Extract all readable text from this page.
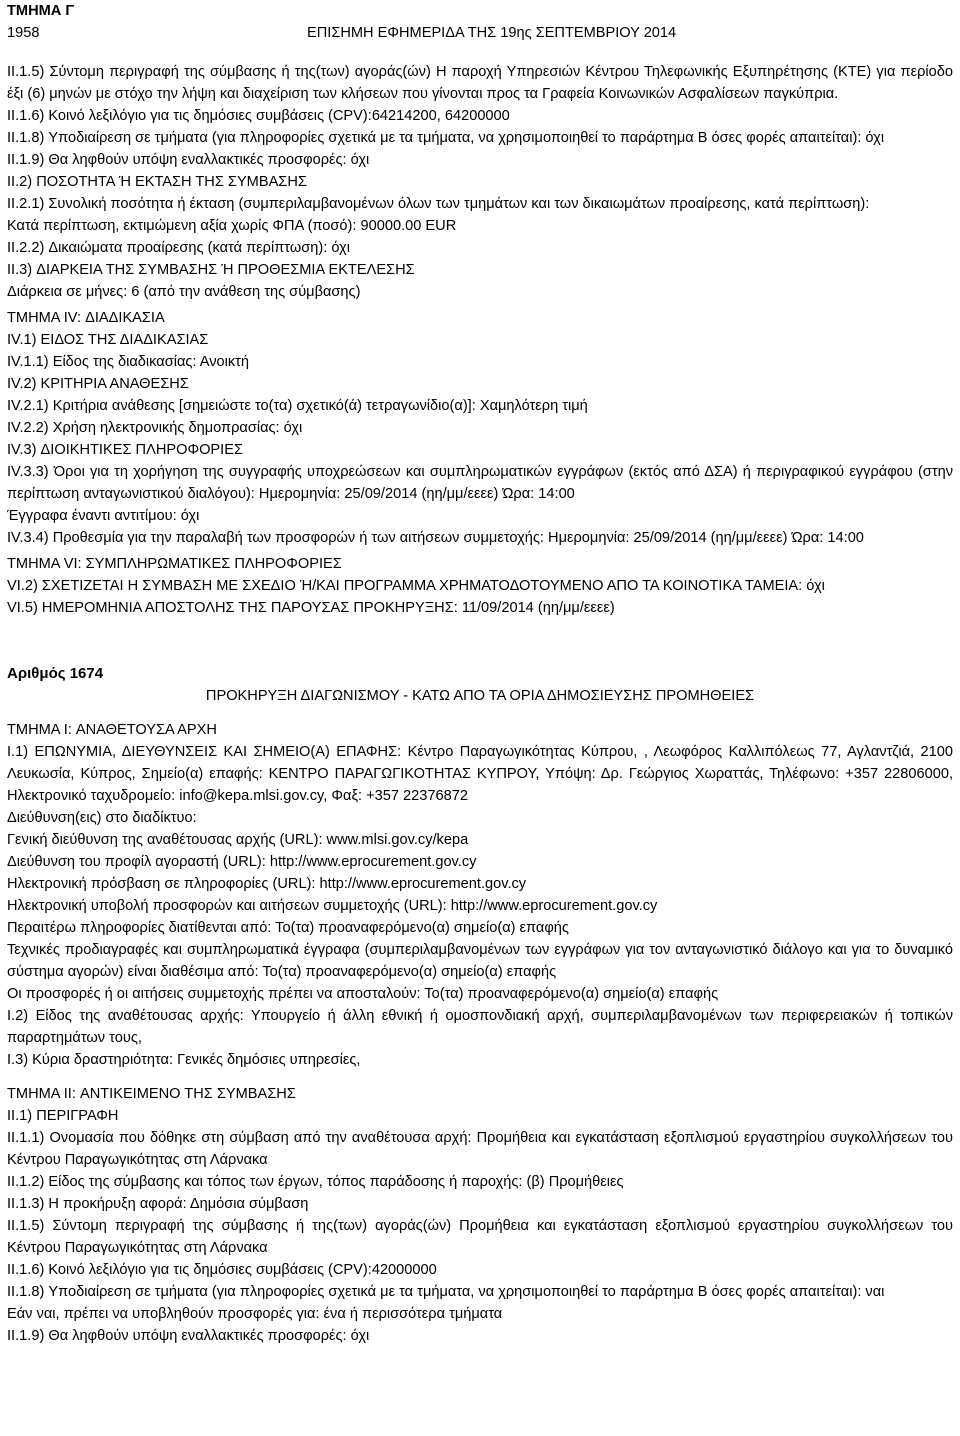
ΤΜΗΜΑ Γ
1958	ΕΠΙΣΗΜΗ ΕΦΗΜΕΡΙΔΑ ΤΗΣ 19ης ΣΕΠΤΕΜΒΡΙΟΥ 2014

II.1.5) Σύντομη περιγραφή της σύμβασης ή της(των) αγοράς(ών) Η παροχή Υπηρεσιών Κέντρου Τηλεφωνικής Εξυπηρέτησης (ΚΤΕ) για περίοδο έξι (6) μηνών με στόχο την λήψη και διαχείριση των κλήσεων που γίνονται προς τα Γραφεία Κοινωνικών Ασφαλίσεων παγκύπρια.

II.1.6) Κοινό λεξιλόγιο για τις δημόσιες συμβάσεις (CPV):64214200, 64200000

II.1.8) Υποδιαίρεση σε τμήματα (για πληροφορίες σχετικά με τα τμήματα, να χρησιμοποιηθεί το παράρτημα Β όσες φορές απαιτείται): όχι

II.1.9) Θα ληφθούν υπόψη εναλλακτικές προσφορές: όχι

II.2) ΠΟΣΟΤΗΤΑ Ή ΕΚΤΑΣΗ ΤΗΣ ΣΥΜΒΑΣΗΣ

II.2.1) Συνολική ποσότητα ή έκταση (συμπεριλαμβανομένων όλων των τμημάτων και των δικαιωμάτων προαίρεσης, κατά περίπτωση):

Κατά περίπτωση, εκτιμώμενη αξία χωρίς ΦΠΑ (ποσό): 90000.00 EUR

II.2.2) Δικαιώματα προαίρεσης (κατά περίπτωση): όχι

II.3) ΔΙΑΡΚΕΙΑ ΤΗΣ ΣΥΜΒΑΣΗΣ Ή ΠΡΟΘΕΣΜΙΑ ΕΚΤΕΛΕΣΗΣ

Διάρκεια σε μήνες: 6 (από την ανάθεση της σύμβασης)

ΤΜΗΜΑ IV: ΔΙΑΔΙΚΑΣΙΑ

IV.1) ΕΙΔΟΣ ΤΗΣ ΔΙΑΔΙΚΑΣΙΑΣ

IV.1.1) Είδος της διαδικασίας: Ανοικτή

IV.2) ΚΡΙΤΗΡΙΑ ΑΝΑΘΕΣΗΣ

IV.2.1) Κριτήρια ανάθεσης [σημειώστε το(τα) σχετικό(ά) τετραγωνίδιο(α)]: Χαμηλότερη τιμή

IV.2.2) Χρήση ηλεκτρονικής δημοπρασίας: όχι

IV.3) ΔΙΟΙΚΗΤΙΚΕΣ ΠΛΗΡΟΦΟΡΙΕΣ

IV.3.3) Όροι για τη χορήγηση της συγγραφής υποχρεώσεων και συμπληρωματικών εγγράφων (εκτός από ΔΣΑ) ή περιγραφικού εγγράφου (στην περίπτωση ανταγωνιστικού διαλόγου): Ημερομηνία: 25/09/2014 (ηη/μμ/εεεε) Ώρα: 14:00

Έγγραφα έναντι αντιτίμου: όχι

IV.3.4) Προθεσμία για την παραλαβή των προσφορών ή των αιτήσεων συμμετοχής: Ημερομηνία: 25/09/2014 (ηη/μμ/εεεε) Ώρα: 14:00

ΤΜΗΜΑ VI: ΣΥΜΠΛΗΡΩΜΑΤΙΚΕΣ ΠΛΗΡΟΦΟΡΙΕΣ

VI.2) ΣΧΕΤΙΖΕΤΑΙ Η ΣΥΜΒΑΣΗ ΜΕ ΣΧΕΔΙΟ Ή/ΚΑΙ ΠΡΟΓΡΑΜΜΑ ΧΡΗΜΑΤΟΔΟΤΟΥΜΕΝΟ ΑΠΟ ΤΑ ΚΟΙΝΟΤΙΚΑ ΤΑΜΕΙΑ: όχι

VI.5) ΗΜΕΡΟΜΗΝΙΑ ΑΠΟΣΤΟΛΗΣ ΤΗΣ ΠΑΡΟΥΣΑΣ ΠΡΟΚΗΡΥΞΗΣ: 11/09/2014 (ηη/μμ/εεεε)

Αριθμός 1674

ΠΡΟΚΗΡΥΞΗ ΔΙΑΓΩΝΙΣΜΟΥ - ΚΑΤΩ ΑΠΟ ΤΑ ΟΡΙΑ ΔΗΜΟΣΙΕΥΣΗΣ ΠΡΟΜΗΘΕΙΕΣ

ΤΜΗΜΑ I: ΑΝΑΘΕΤΟΥΣΑ ΑΡΧΗ

I.1) ΕΠΩΝΥΜΙΑ, ΔΙΕΥΘΥΝΣΕΙΣ ΚΑΙ ΣΗΜΕΙΟ(Α) ΕΠΑΦΗΣ: Κέντρο Παραγωγικότητας Κύπρου, , Λεωφόρος Καλλιπόλεως 77, Αγλαντζιά, 2100 Λευκωσία, Κύπρος, Σημείο(α) επαφής: ΚΕΝΤΡΟ ΠΑΡΑΓΩΓΙΚΟΤΗΤΑΣ ΚΥΠΡΟΥ, Υπόψη: Δρ. Γεώργιος Χωραττάς, Τηλέφωνο: +357 22806000, Ηλεκτρονικό ταχυδρομείο: info@kepa.mlsi.gov.cy, Φαξ: +357 22376872

Διεύθυνση(εις) στο διαδίκτυο:

Γενική διεύθυνση της αναθέτουσας αρχής (URL): www.mlsi.gov.cy/kepa

Διεύθυνση του προφίλ αγοραστή (URL): http://www.eprocurement.gov.cy

Ηλεκτρονική πρόσβαση σε πληροφορίες (URL): http://www.eprocurement.gov.cy

Ηλεκτρονική υποβολή προσφορών και αιτήσεων συμμετοχής (URL): http://www.eprocurement.gov.cy

Περαιτέρω πληροφορίες διατίθενται από: Το(τα) προαναφερόμενο(α) σημείο(α) επαφής

Τεχνικές προδιαγραφές και συμπληρωματικά έγγραφα (συμπεριλαμβανομένων των εγγράφων για τον ανταγωνιστικό διάλογο και για το δυναμικό σύστημα αγορών) είναι διαθέσιμα από: Το(τα) προαναφερόμενο(α) σημείο(α) επαφής

Οι προσφορές ή οι αιτήσεις συμμετοχής πρέπει να αποσταλούν: Το(τα) προαναφερόμενο(α) σημείο(α) επαφής

I.2) Είδος της αναθέτουσας αρχής: Υπουργείο ή άλλη εθνική ή ομοσπονδιακή αρχή, συμπεριλαμβανομένων των περιφερειακών ή τοπικών παραρτημάτων τους,

I.3) Κύρια δραστηριότητα: Γενικές δημόσιες υπηρεσίες,

ΤΜΗΜΑ II: ΑΝΤΙΚΕΙΜΕΝΟ ΤΗΣ ΣΥΜΒΑΣΗΣ

II.1) ΠΕΡΙΓΡΑΦΗ

II.1.1) Ονομασία που δόθηκε στη σύμβαση από την αναθέτουσα αρχή: Προμήθεια και εγκατάσταση εξοπλισμού εργαστηρίου συγκολλήσεων του Κέντρου Παραγωγικότητας στη Λάρνακα

II.1.2) Είδος της σύμβασης και τόπος των έργων, τόπος παράδοσης ή παροχής: (β) Προμήθειες

II.1.3) Η προκήρυξη αφορά: Δημόσια σύμβαση

II.1.5) Σύντομη περιγραφή της σύμβασης ή της(των) αγοράς(ών) Προμήθεια και εγκατάσταση εξοπλισμού εργαστηρίου συγκολλήσεων του Κέντρου Παραγωγικότητας στη Λάρνακα

II.1.6) Κοινό λεξιλόγιο για τις δημόσιες συμβάσεις (CPV):42000000

II.1.8) Υποδιαίρεση σε τμήματα (για πληροφορίες σχετικά με τα τμήματα, να χρησιμοποιηθεί το παράρτημα Β όσες φορές απαιτείται): ναι

Εάν ναι, πρέπει να υποβληθούν προσφορές για: ένα ή περισσότερα τμήματα

II.1.9) Θα ληφθούν υπόψη εναλλακτικές προσφορές: όχι
